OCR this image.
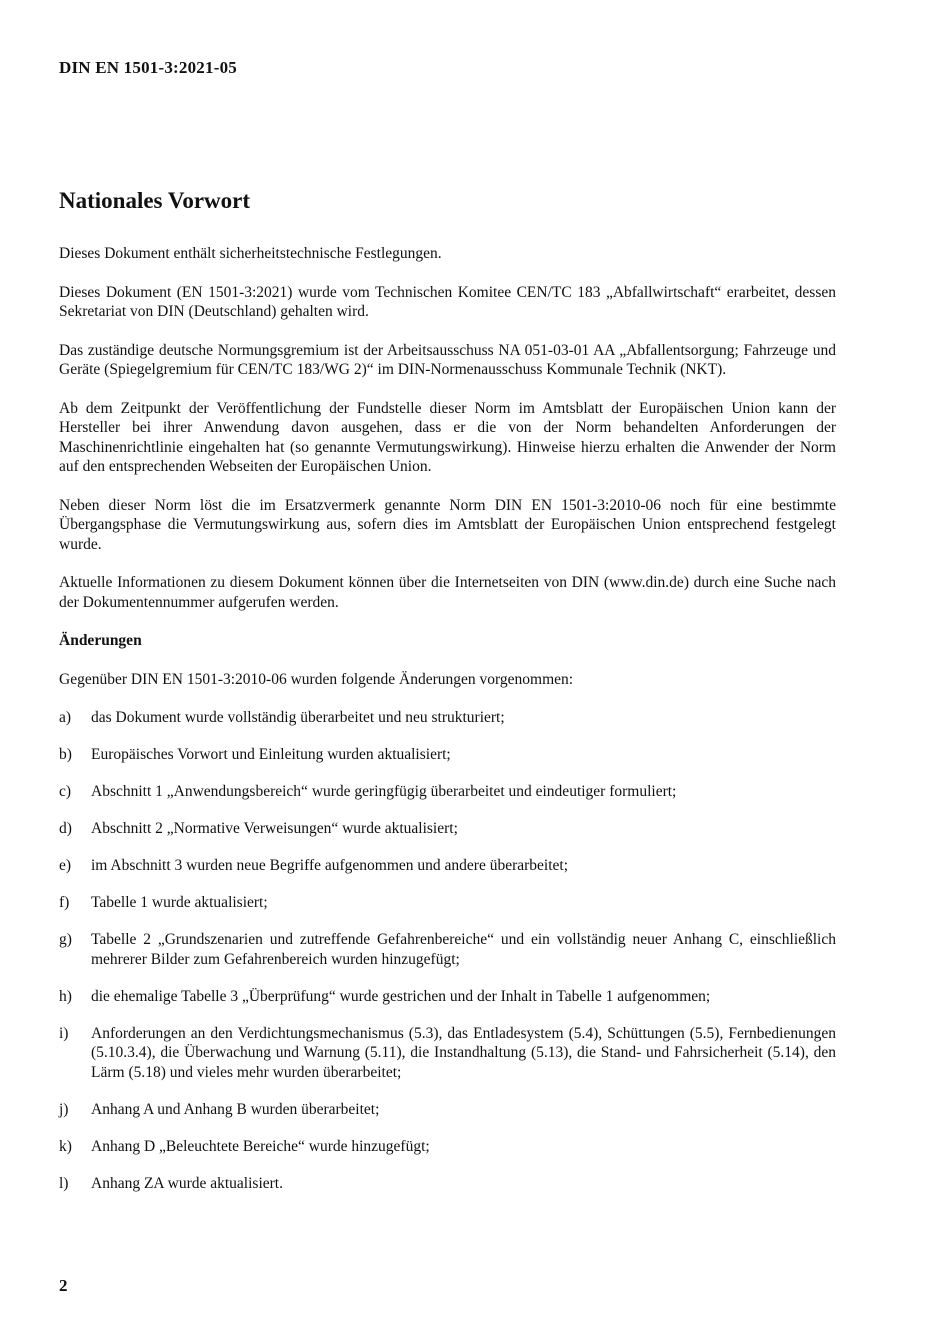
DIN EN 1501-3:2021-05
Nationales Vorwort

Dieses Dokument enthält sicherheitstechnische Festlegungen.

Dieses Dokument (EN 1501-3:2021) wurde vom Technischen Komitee CEN/TC 183 „Abfallwirtschaft“ erarbeitet, dessen Sekretariat von DIN (Deutschland) gehalten wird.

Das zuständige deutsche Normungsgremium ist der Arbeitsausschuss NA 051-03-01 AA „Abfallentsorgung; Fahrzeuge und Geräte (Spiegelgremium für CEN/TC 183/WG 2)“ im DIN-Normenausschuss Kommunale Technik (NKT).

Ab dem Zeitpunkt der Veröffentlichung der Fundstelle dieser Norm im Amtsblatt der Europäischen Union kann der Hersteller bei ihrer Anwendung davon ausgehen, dass er die von der Norm behandelten Anforderungen der Maschinenrichtlinie eingehalten hat (so genannte Vermutungswirkung). Hinweise hierzu erhalten die Anwender der Norm auf den entsprechenden Webseiten der Europäischen Union.

Neben dieser Norm löst die im Ersatzvermerk genannte Norm DIN EN 1501-3:2010-06 noch für eine bestimmte Übergangsphase die Vermutungswirkung aus, sofern dies im Amtsblatt der Europäischen Union entsprechend festgelegt wurde.

Aktuelle Informationen zu diesem Dokument können über die Internetseiten von DIN (www.din.de) durch eine Suche nach der Dokumentennummer aufgerufen werden.

Änderungen

Gegenüber DIN EN 1501-3:2010-06 wurden folgende Änderungen vorgenommen:

a)	das Dokument wurde vollständig überarbeitet und neu strukturiert;
b)	Europäisches Vorwort und Einleitung wurden aktualisiert;
c)	Abschnitt 1 „Anwendungsbereich“ wurde geringfügig überarbeitet und eindeutiger formuliert;
d)	Abschnitt 2 „Normative Verweisungen“ wurde aktualisiert;
e)	im Abschnitt 3 wurden neue Begriffe aufgenommen und andere überarbeitet;
f)	Tabelle 1 wurde aktualisiert;
g)	Tabelle 2 „Grundszenarien und zutreffende Gefahrenbereiche“ und ein vollständig neuer Anhang C, einschließlich mehrerer Bilder zum Gefahrenbereich wurden hinzugefügt;
h)	die ehemalige Tabelle 3 „Überprüfung“ wurde gestrichen und der Inhalt in Tabelle 1 aufgenommen;
i)	Anforderungen an den Verdichtungsmechanismus (5.3), das Entladesystem (5.4), Schüttungen (5.5), Fernbedienungen (5.10.3.4), die Überwachung und Warnung (5.11), die Instandhaltung (5.13), die Stand- und Fahrsicherheit (5.14), den Lärm (5.18) und vieles mehr wurden überarbeitet;
j)	Anhang A und Anhang B wurden überarbeitet;
k)	Anhang D „Beleuchtete Bereiche“ wurde hinzugefügt;
l)	Anhang ZA wurde aktualisiert.
2
